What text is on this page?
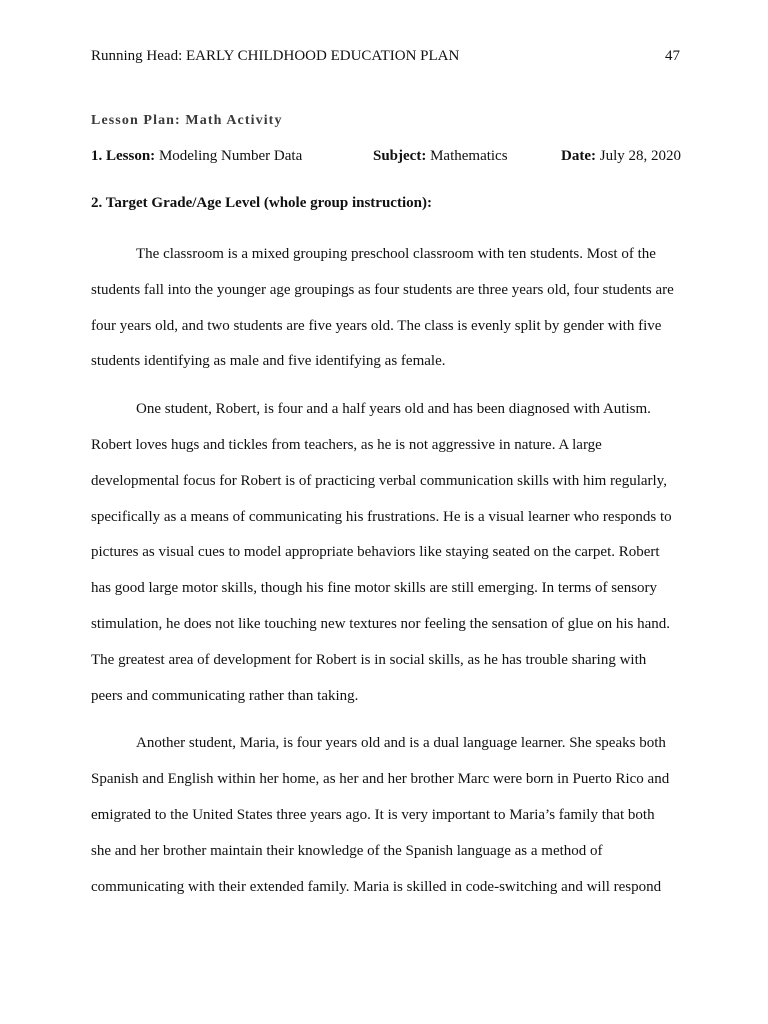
Running Head: EARLY CHILDHOOD EDUCATION PLAN	47
Lesson Plan: Math Activity
1. Lesson: Modeling Number Data	Subject: Mathematics	Date: July 28, 2020
2. Target Grade/Age Level (whole group instruction):

The classroom is a mixed grouping preschool classroom with ten students. Most of the
students fall into the younger age groupings as four students are three years old, four students are
four years old, and two students are five years old. The class is evenly split by gender with five
students identifying as male and five identifying as female.

One student, Robert, is four and a half years old and has been diagnosed with Autism.
Robert loves hugs and tickles from teachers, as he is not aggressive in nature. A large
developmental focus for Robert is of practicing verbal communication skills with him regularly,
specifically as a means of communicating his frustrations. He is a visual learner who responds to
pictures as visual cues to model appropriate behaviors like staying seated on the carpet. Robert
has good large motor skills, though his fine motor skills are still emerging. In terms of sensory
stimulation, he does not like touching new textures nor feeling the sensation of glue on his hand.
The greatest area of development for Robert is in social skills, as he has trouble sharing with
peers and communicating rather than taking.

Another student, Maria, is four years old and is a dual language learner. She speaks both
Spanish and English within her home, as her and her brother Marc were born in Puerto Rico and
emigrated to the United States three years ago. It is very important to Maria’s family that both
she and her brother maintain their knowledge of the Spanish language as a method of
communicating with their extended family. Maria is skilled in code-switching and will respond
